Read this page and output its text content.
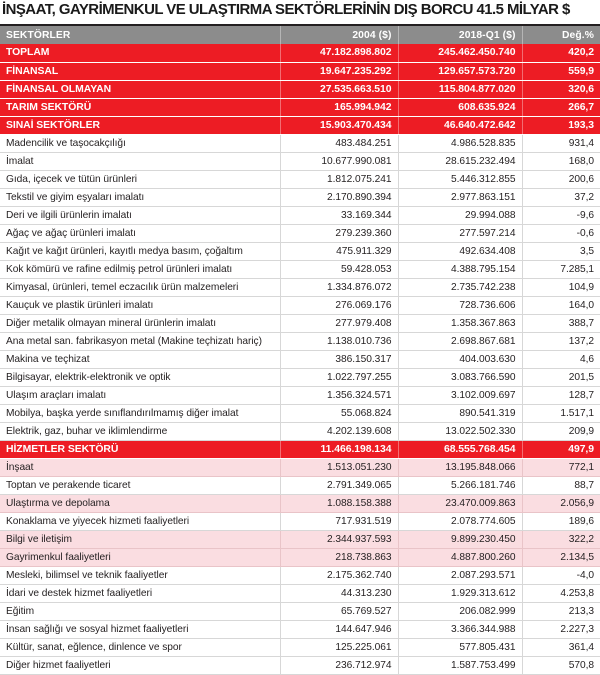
İNŞAAT, GAYRİMENKUL VE ULAŞTIRMA SEKTÖRLERİNİN DIŞ BORCU 41.5 MİLYAR $
SEKTÖRLER	2004 ($)	2018-Q1 ($)	Değ.%
TOPLAM	47.182.898.802	245.462.450.740	420,2
FİNANSAL	19.647.235.292	129.657.573.720	559,9
FİNANSAL OLMAYAN	27.535.663.510	115.804.877.020	320,6
TARIM SEKTÖRÜ	165.994.942	608.635.924	266,7
SINAİ SEKTÖRLER	15.903.470.434	46.640.472.642	193,3
Madencilik ve taşocakçılığı	483.484.251	4.986.528.835	931,4
İmalat	10.677.990.081	28.615.232.494	168,0
Gıda, içecek ve tütün ürünleri	1.812.075.241	5.446.312.855	200,6
Tekstil ve giyim eşyaları imalatı	2.170.890.394	2.977.863.151	37,2
Deri ve ilgili ürünlerin imalatı	33.169.344	29.994.088	-9,6
Ağaç ve ağaç ürünleri imalatı	279.239.360	277.597.214	-0,6
Kağıt ve kağıt ürünleri, kayıtlı medya basım, çoğaltım	475.911.329	492.634.408	3,5
Kok kömürü ve rafine edilmiş petrol ürünleri imalatı	59.428.053	4.388.795.154	7.285,1
Kimyasal, ürünleri, temel eczacılık ürün malzemeleri	1.334.876.072	2.735.742.238	104,9
Kauçuk ve plastik ürünleri imalatı	276.069.176	728.736.606	164,0
Diğer metalik olmayan mineral ürünlerin imalatı	277.979.408	1.358.367.863	388,7
Ana metal san. fabrikasyon metal (Makine teçhizatı hariç)	1.138.010.736	2.698.867.681	137,2
Makina ve teçhizat	386.150.317	404.003.630	4,6
Bilgisayar, elektrik-elektronik ve optik	1.022.797.255	3.083.766.590	201,5
Ulaşım araçları imalatı	1.356.324.571	3.102.009.697	128,7
Mobilya, başka yerde sınıflandırılmamış diğer imalat	55.068.824	890.541.319	1.517,1
Elektrik, gaz, buhar ve iklimlendirme	4.202.139.608	13.022.502.330	209,9
HİZMETLER SEKTÖRÜ	11.466.198.134	68.555.768.454	497,9
İnşaat	1.513.051.230	13.195.848.066	772,1
Toptan ve perakende ticaret	2.791.349.065	5.266.181.746	88,7
Ulaştırma ve depolama	1.088.158.388	23.470.009.863	2.056,9
Konaklama ve yiyecek hizmeti faaliyetleri	717.931.519	2.078.774.605	189,6
Bilgi ve iletişim	2.344.937.593	9.899.230.450	322,2
Gayrimenkul faaliyetleri	218.738.863	4.887.800.260	2.134,5
Mesleki, bilimsel ve teknik faaliyetler	2.175.362.740	2.087.293.571	-4,0
İdari ve destek hizmet faaliyetleri	44.313.230	1.929.313.612	4.253,8
Eğitim	65.769.527	206.082.999	213,3
İnsan sağlığı ve sosyal hizmet faaliyetleri	144.647.946	3.366.344.988	2.227,3
Kültür, sanat, eğlence, dinlence ve spor	125.225.061	577.805.431	361,4
Diğer hizmet faaliyetleri	236.712.974	1.587.753.499	570,8
